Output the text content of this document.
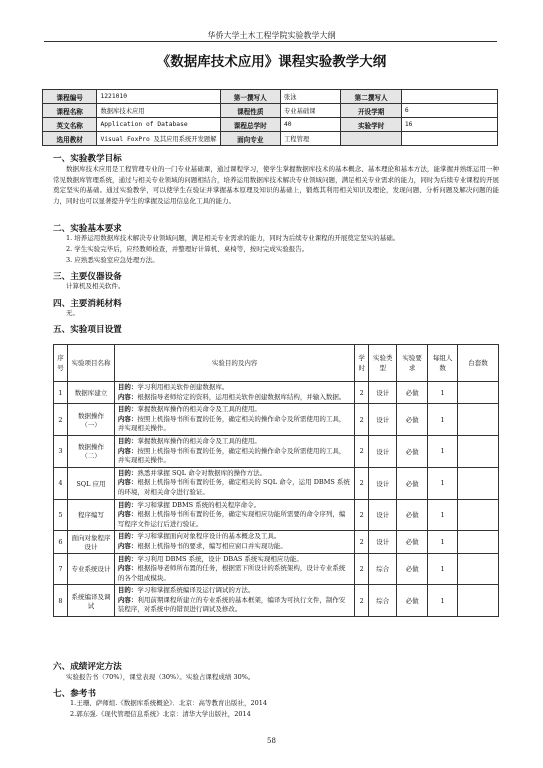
华侨大学土木工程学院实验教学大纲
《数据库技术应用》课程实验教学大纲
课程编号	1221010	第一撰写人	张泳	第二撰写人	
课程名称	数据库技术应用	课程性质	专业基础课	开设学期	6
英文名称	Application of Database	课程总学时	40	实验学时	16
选用教材	Visual FoxPro 及其应用系统开发题解	面向专业	工程管理		
一、实验教学目标
数据库技术应用是工程管理专业的一门专业基础课，通过课程学习，使学生掌握数据库技术的基本概念、基本理论和基本方法，能掌握并熟练运用一种常见数据库管理系统，通过与相关专业领域的问题相结合，培养运用数据库技术解决专业领域问题，满足相关专业需求的能力，同时为后续专业课程的开展奠定坚实的基础。通过实验教学，可以使学生在验证并掌握基本原理及知识的基础上，锻炼其利用相关知识及理论，发现问题、分析问题及解决问题的能力，同时也可以显著提升学生的掌握及运用信息化工具的能力。
二、实验基本要求
1. 培养运用数据库技术解决专业领域问题，满足相关专业需求的能力，同时为后续专业课程的开展奠定坚实的基础。
2. 学生实验完毕后，应经教师检查，并整理好计算机、桌椅等，按时完成实验报告。
3. 应熟悉实验室应急处理方法。
三、主要仪器设备
计算机及相关软件。
四、主要消耗材料
无。
五、实验项目设置
序号	实验项目名称	实验目的及内容	学时	实验类型	实验要求	每组人数	台套数
1	数据库建立	目的：学习利用相关软件创建数据库。
内容：根据指导老师给定的资料，运用相关软件创建数据库结构，并输入数据。	2	设计	必做	1	
2	数据操作（一）	目的：掌握数据库操作的相关命令及工具的使用。
内容：按照上机指导书所布置的任务，确定相关的操作命令及所需使用的工具，并实现相关操作。	2	设计	必做	1	
3	数据操作（二）	目的：掌握数据库操作的相关命令及工具的使用。
内容：按照上机指导书所布置的任务，确定相关的操作命令及所需使用的工具，并实现相关操作。	2	设计	必做	1	
4	SQL 应用	目的：熟悉并掌握 SQL 命令对数据库的操作方法。
内容：根据上机指导书所布置的任务，确定相关的 SQL 命令，运用 DBMS 系统的环境，对相关命令进行验证。	2	设计	必做	1	
5	程序编写	目的：学习和掌握 DBMS 系统的相关程序命令。
内容：根据上机指导书所布置的任务，确定实现相应功能所需要的命令序列，编写程序文件运行后进行验证。	2	设计	必做	1	
6	面向对象程序设计	目的：学习和掌握面向对象程序设计的基本概念及工具。
内容：根据上机指导书的要求，编写相应窗口并实现功能。	2	设计	必做	1	
7	专业系统设计	目的：学习利用 DBMS 系统，设计 DBAS 系统实现相应功能。
内容：根据指导老师所布置的任务，根据需下所设计的系统架构，设计专业系统的各个组成模块。	2	综合	必做	1	
8	系统编译及调试	目的：学习和掌握系统编译及运行调试的方法。
内容：利用前期课程所建立的专业系统的基本框架，编译为可执行文件，制作安装程序，对系统中的错误进行调试及修改。	2	综合	必做	1	
六、成绩评定方法
实验报告书（70%），课堂表现（30%）。实验占课程成绩 30%。
七、参考书
1.王珊、萨师煊.《数据库系统概论》．北京：高等教育出版社，2014
2.郭东强.《现代管理信息系统》北京：清华大学出版社，2014
58
